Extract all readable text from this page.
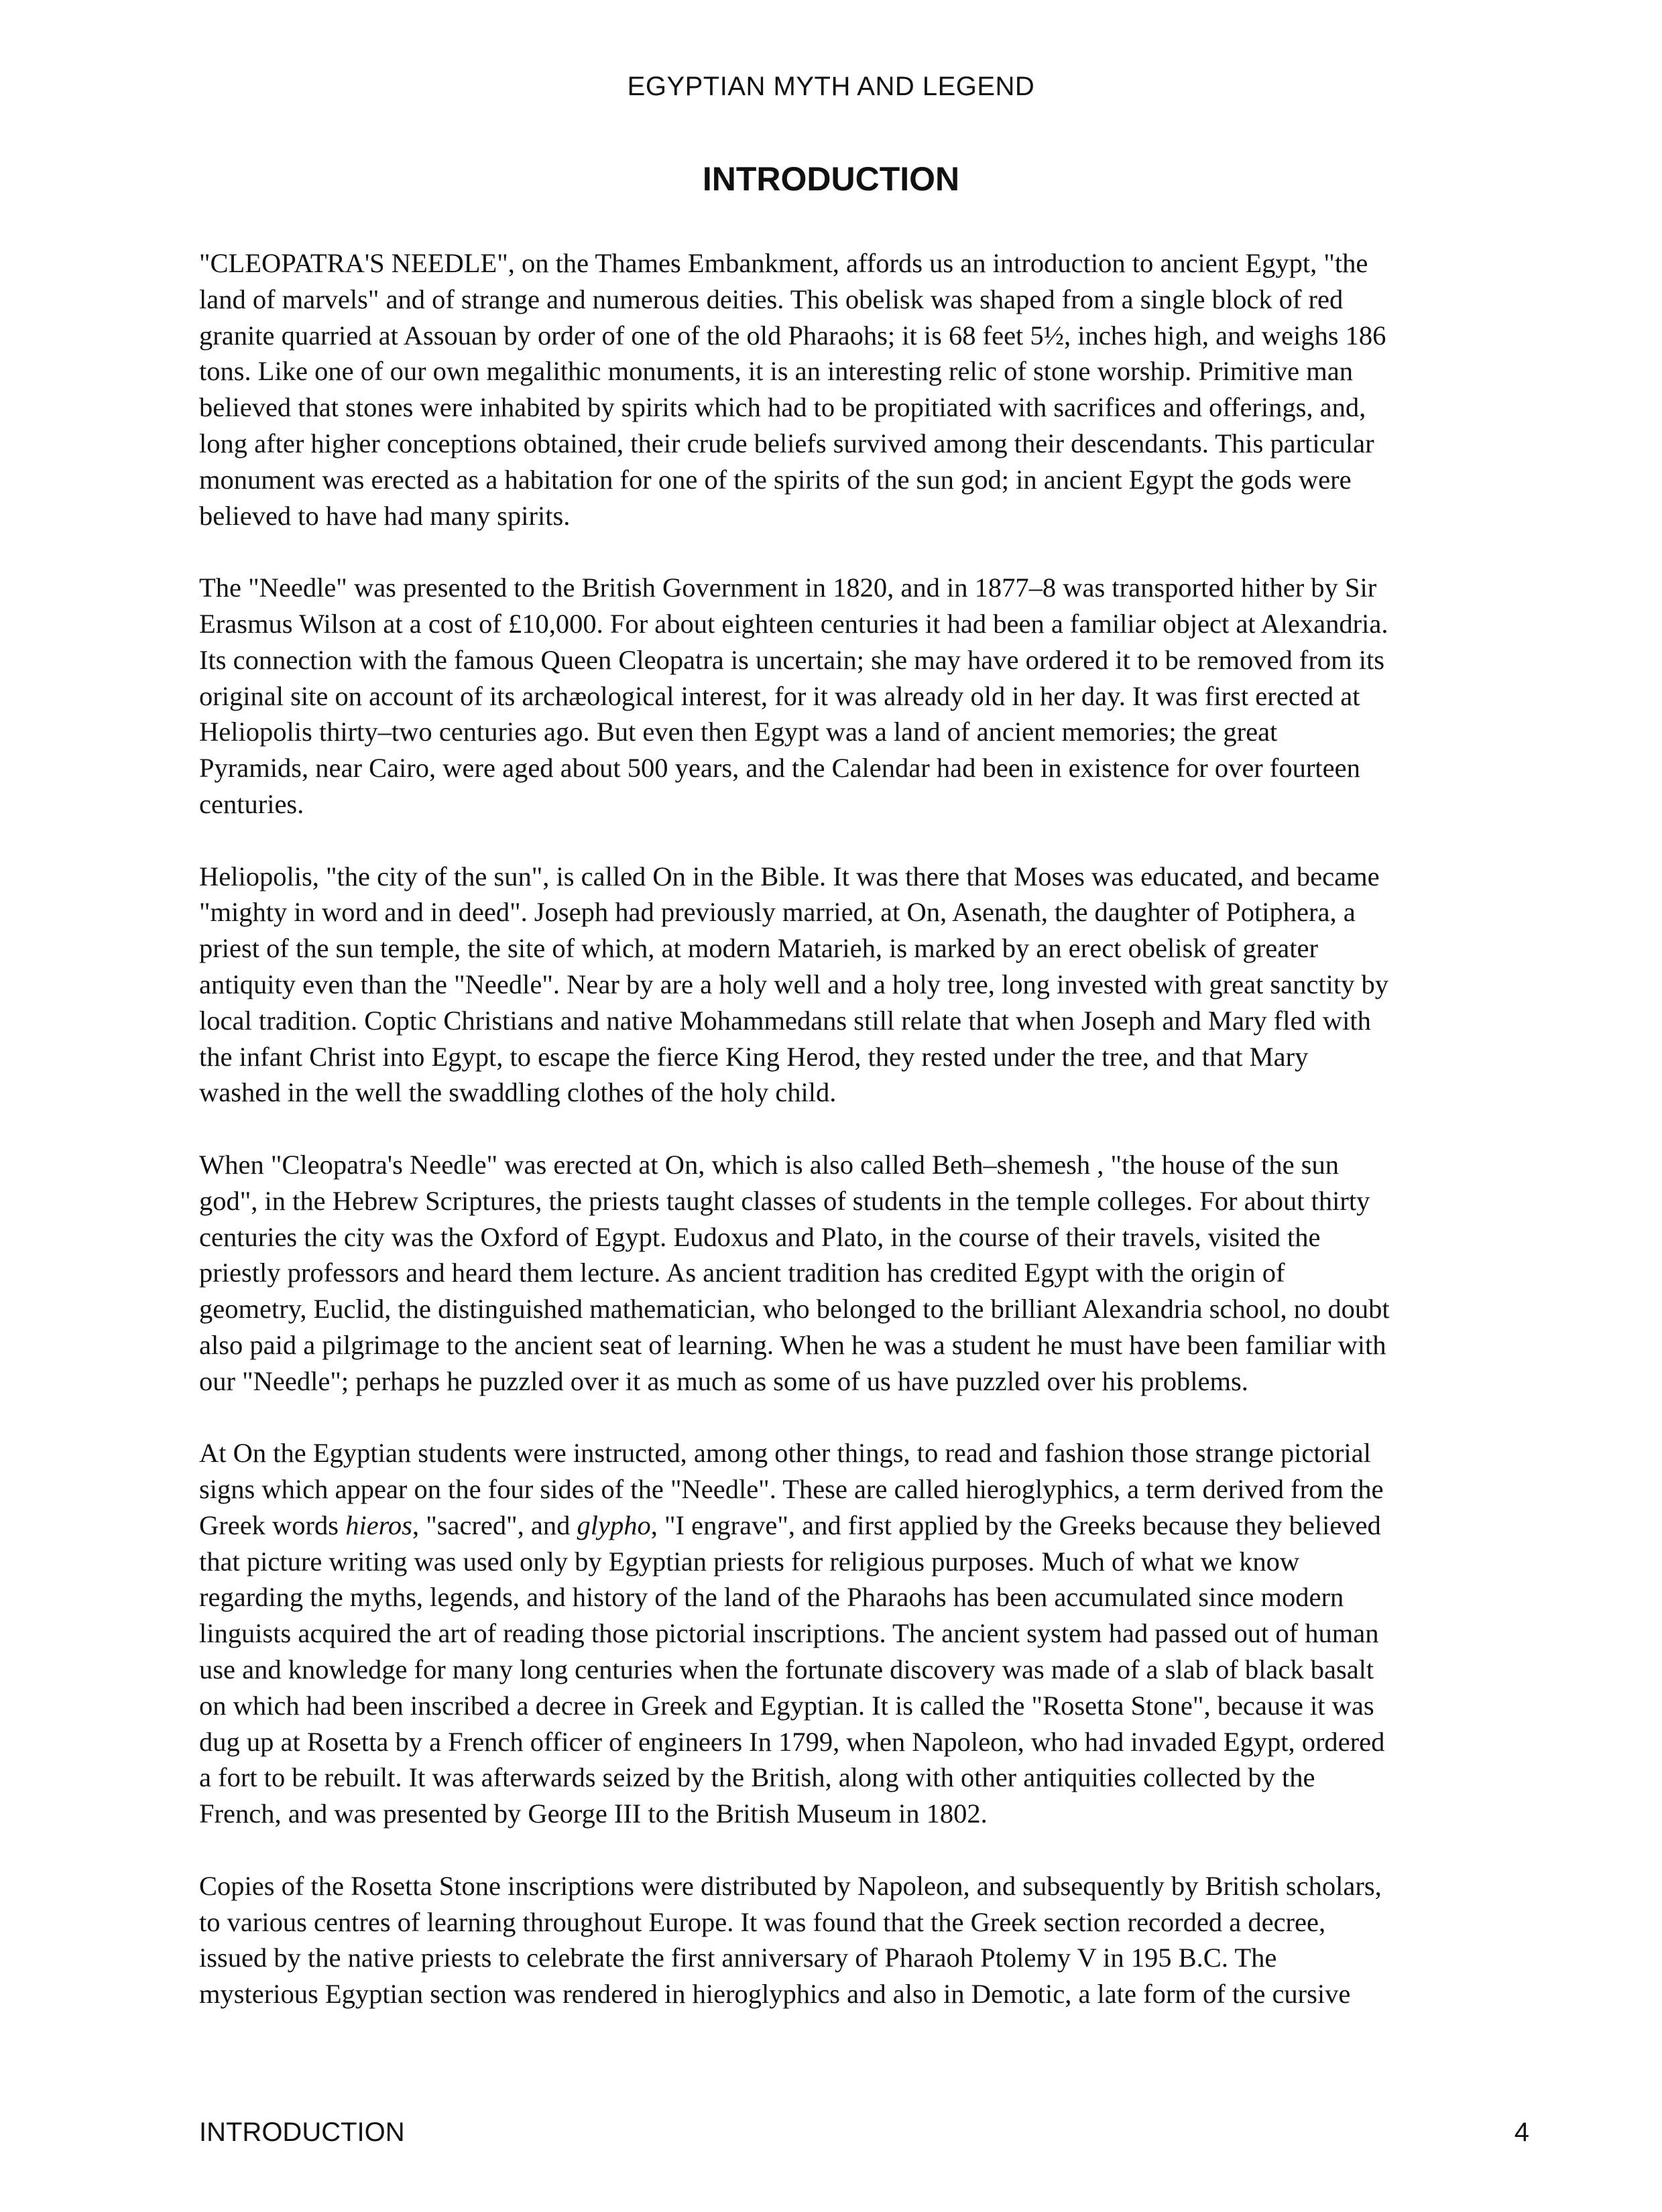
EGYPTIAN MYTH AND LEGEND
INTRODUCTION

"CLEOPATRA'S NEEDLE", on the Thames Embankment, affords us an introduction to ancient Egypt, "the
land of marvels" and of strange and numerous deities. This obelisk was shaped from a single block of red
granite quarried at Assouan by order of one of the old Pharaohs; it is 68 feet 5½, inches high, and weighs 186
tons. Like one of our own megalithic monuments, it is an interesting relic of stone worship. Primitive man
believed that stones were inhabited by spirits which had to be propitiated with sacrifices and offerings, and,
long after higher conceptions obtained, their crude beliefs survived among their descendants. This particular
monument was erected as a habitation for one of the spirits of the sun god; in ancient Egypt the gods were
believed to have had many spirits.

The "Needle" was presented to the British Government in 1820, and in 1877–8 was transported hither by Sir
Erasmus Wilson at a cost of £10,000. For about eighteen centuries it had been a familiar object at Alexandria.
Its connection with the famous Queen Cleopatra is uncertain; she may have ordered it to be removed from its
original site on account of its archæological interest, for it was already old in her day. It was first erected at
Heliopolis thirty–two centuries ago. But even then Egypt was a land of ancient memories; the great
Pyramids, near Cairo, were aged about 500 years, and the Calendar had been in existence for over fourteen
centuries.

Heliopolis, "the city of the sun", is called On in the Bible. It was there that Moses was educated, and became
"mighty in word and in deed". Joseph had previously married, at On, Asenath, the daughter of Potiphera, a
priest of the sun temple, the site of which, at modern Matarieh, is marked by an erect obelisk of greater
antiquity even than the "Needle". Near by are a holy well and a holy tree, long invested with great sanctity by
local tradition. Coptic Christians and native Mohammedans still relate that when Joseph and Mary fled with
the infant Christ into Egypt, to escape the fierce King Herod, they rested under the tree, and that Mary
washed in the well the swaddling clothes of the holy child.

When "Cleopatra's Needle" was erected at On, which is also called Beth–shemesh , "the house of the sun
god", in the Hebrew Scriptures, the priests taught classes of students in the temple colleges. For about thirty
centuries the city was the Oxford of Egypt. Eudoxus and Plato, in the course of their travels, visited the
priestly professors and heard them lecture. As ancient tradition has credited Egypt with the origin of
geometry, Euclid, the distinguished mathematician, who belonged to the brilliant Alexandria school, no doubt
also paid a pilgrimage to the ancient seat of learning. When he was a student he must have been familiar with
our "Needle"; perhaps he puzzled over it as much as some of us have puzzled over his problems.

At On the Egyptian students were instructed, among other things, to read and fashion those strange pictorial
signs which appear on the four sides of the "Needle". These are called hieroglyphics, a term derived from the
Greek words hieros, "sacred", and glypho, "I engrave", and first applied by the Greeks because they believed
that picture writing was used only by Egyptian priests for religious purposes. Much of what we know
regarding the myths, legends, and history of the land of the Pharaohs has been accumulated since modern
linguists acquired the art of reading those pictorial inscriptions. The ancient system had passed out of human
use and knowledge for many long centuries when the fortunate discovery was made of a slab of black basalt
on which had been inscribed a decree in Greek and Egyptian. It is called the "Rosetta Stone", because it was
dug up at Rosetta by a French officer of engineers In 1799, when Napoleon, who had invaded Egypt, ordered
a fort to be rebuilt. It was afterwards seized by the British, along with other antiquities collected by the
French, and was presented by George III to the British Museum in 1802.

Copies of the Rosetta Stone inscriptions were distributed by Napoleon, and subsequently by British scholars,
to various centres of learning throughout Europe. It was found that the Greek section recorded a decree,
issued by the native priests to celebrate the first anniversary of Pharaoh Ptolemy V in 195 B.C. The
mysterious Egyptian section was rendered in hieroglyphics and also in Demotic, a late form of the cursive

INTRODUCTION	4
